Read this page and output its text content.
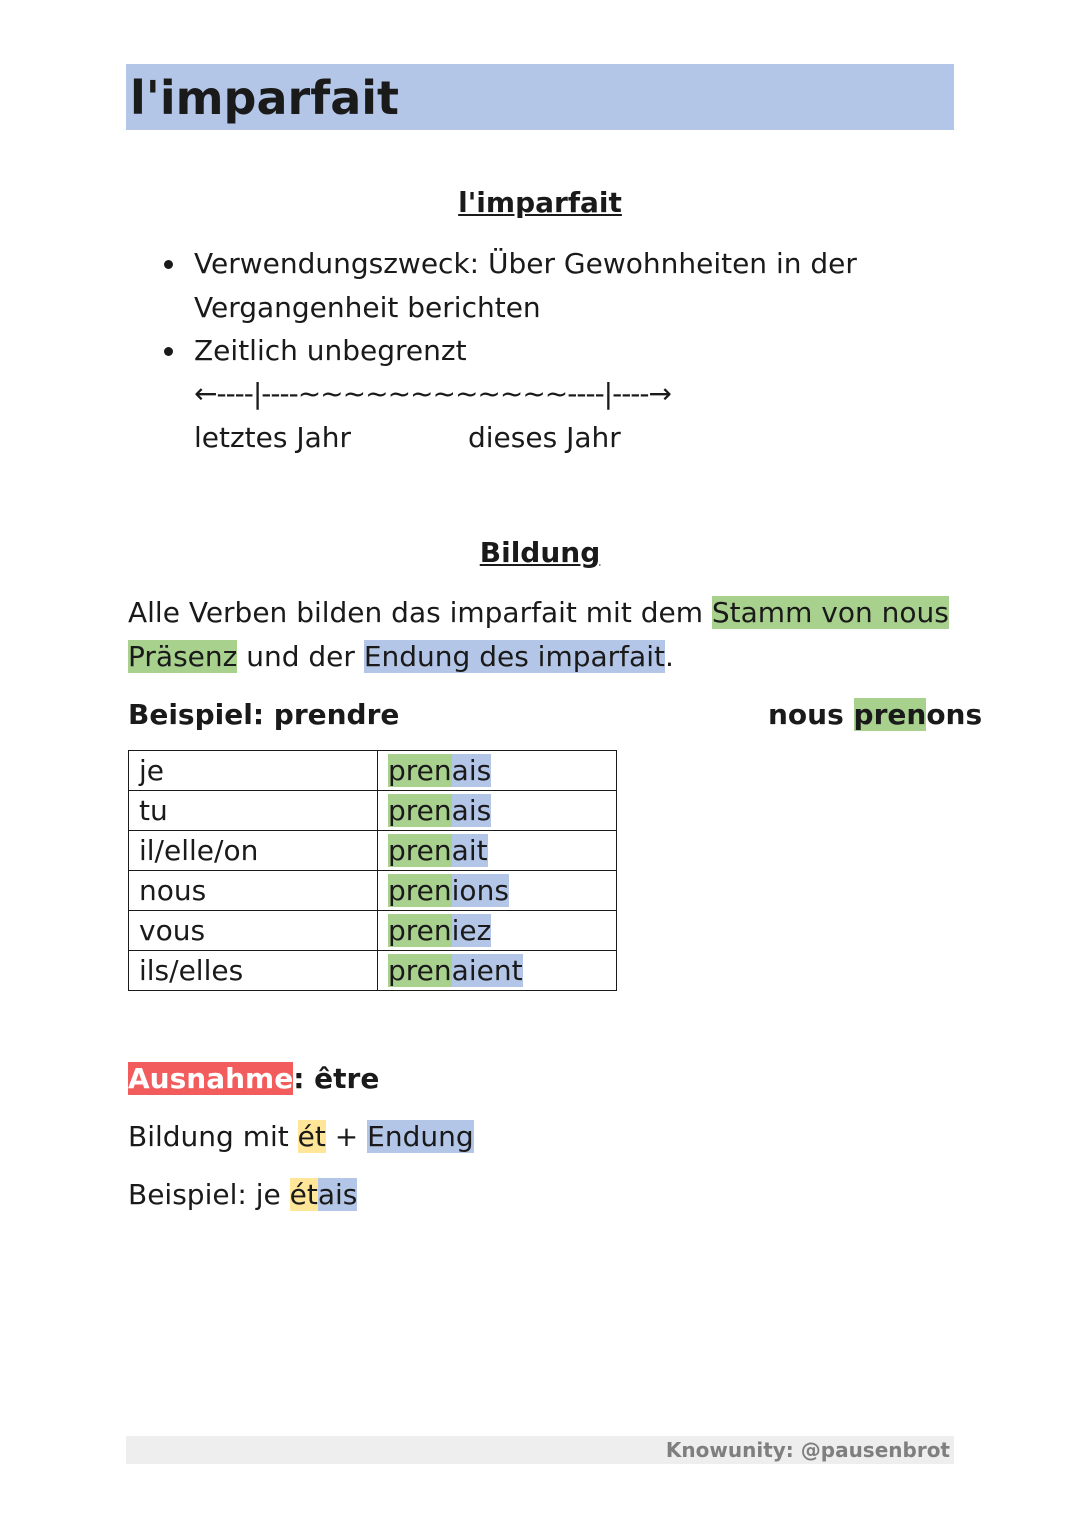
l'imparfait
l'imparfait
Verwendungszweck: Über Gewohnheiten in der
Vergangenheit berichten
Zeitlich unbegrenzt
←----|----~~~~~~~~~~~~----|----→
letztes Jahr	dieses Jahr
Bildung
Alle Verben bilden das imparfait mit dem Stamm von nous
Präsenz und der Endung des imparfait.
Beispiel: prendre	nous prenons
je	prenais
tu	prenais
il/elle/on	prenait
nous	prenions
vous	preniez
ils/elles	prenaient
Ausnahme: être
Bildung mit ét + Endung
Beispiel: je étais
Knowunity: @pausenbrot
